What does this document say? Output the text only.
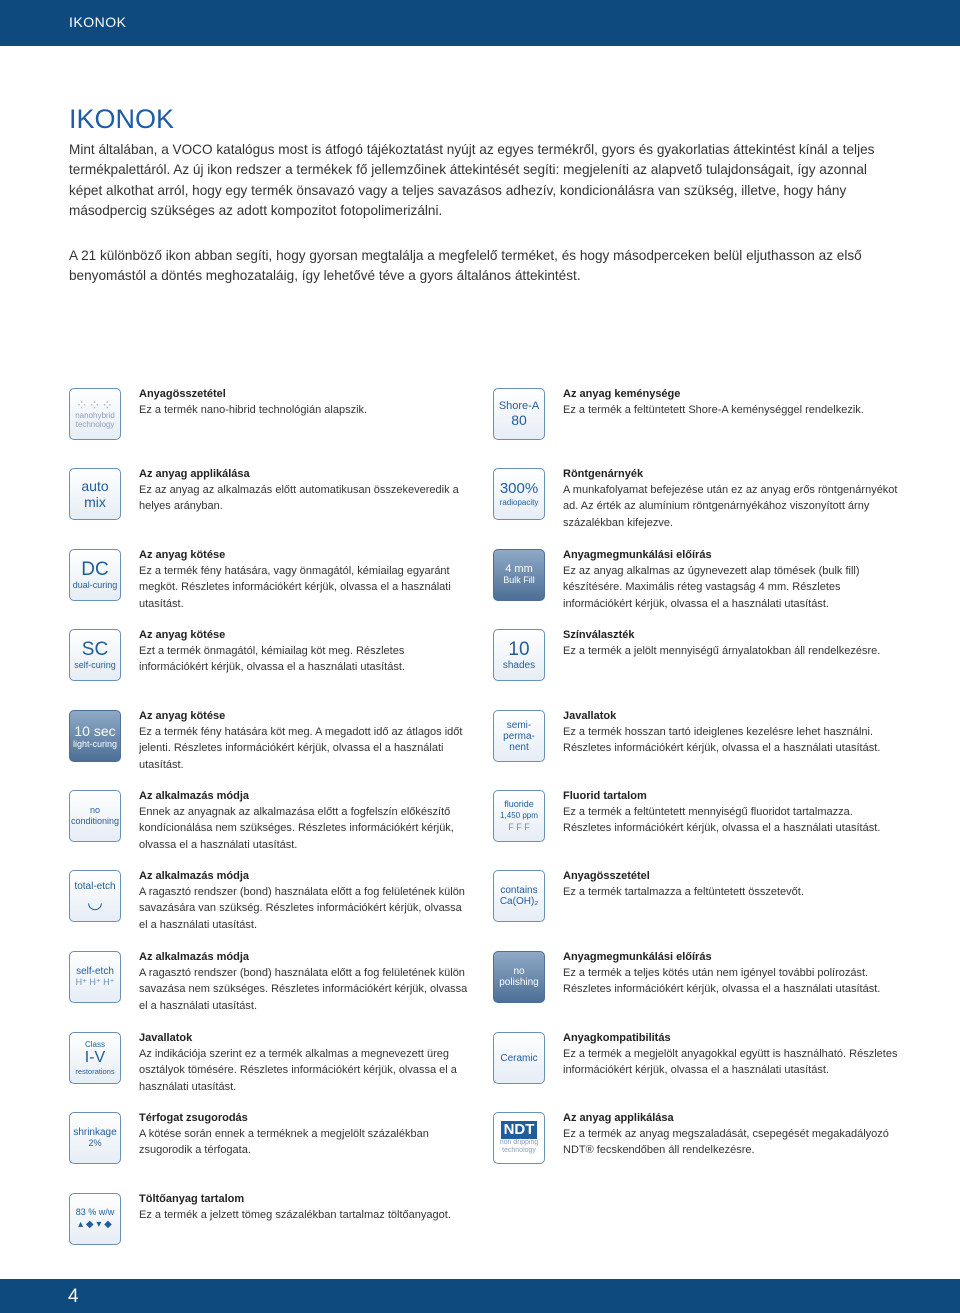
IKONOK
IKONOK

Mint általában, a VOCO katalógus most is átfogó tájékoztatást nyújt az egyes termékről, gyors és gyakorlatias áttekintést kínál a teljes termékpalettáról. Az új ikon redszer a termékek fő jellemzőinek áttekintését segíti: megjeleníti az alapvető tulajdonságait, így azonnal képet alkothat arról, hogy egy termék önsavazó vagy a teljes savazásos adhezív, kondicionálásra van szükség, illetve, hogy hány másodpercig szükséges az adott kompozitot fotopolimerizálni.

A 21 különböző ikon abban segíti, hogy gyorsan megtalálja a megfelelő terméket, és hogy másodperceken belül eljuthasson az első benyomástól a döntés meghozataláig, így lehetővé téve a gyors általános áttekintést.

⁘⁘⁘
nanohybrid
technology
Anyagösszetétel
Ez a termék nano-hibrid technológián alapszik.
auto
mix
Az anyag applikálása
Ez az anyag az alkalmazás előtt automatikusan összekeveredik a helyes arányban.
DC
dual-curing
Az anyag kötése
Ez a termék fény hatására, vagy önmagától, kémiailag egyaránt megköt. Részletes információkért kérjük, olvassa el a használati utasítást.
SC
self-curing
Az anyag kötése
Ezt a termék önmagától, kémiailag köt meg. Részletes információkért kérjük, olvassa el a használati utasítást.
10 sec
light-curing
Az anyag kötése
Ez a termék fény hatására köt meg. A megadott idő az átlagos időt jelenti. Részletes információkért kérjük, olvassa el a használati utasítást.
no
conditioning
Az alkalmazás módja
Ennek az anyagnak az alkalmazása előtt a fogfelszín előkészítő kondícionálása nem szükséges. Részletes információkért kérjük, olvassa el a használati utasítást.
total-etch
◡
Az alkalmazás módja
A ragasztó rendszer (bond) használata előtt a fog felületének külön savazására van szükség. Részletes információkért kérjük, olvassa el a használati utasítást.
self-etch
H⁺ H⁺ H⁺
Az alkalmazás módja
A ragasztó rendszer (bond) használata előtt a fog felületének külön savazása nem szükséges. Részletes információkért kérjük, olvassa el a használati utasítást.
Class
I-V
restorations
Javallatok
Az indikációja szerint ez a termék alkalmas a megnevezett üreg osztályok tömésére. Részletes információkért kérjük, olvassa el a használati utasítást.
shrinkage
2%
Térfogat zsugorodás
A kötése során ennek a terméknek a megjelölt százalékban zsugorodik a térfogata.
83 % w/w
▴ ◆ ▾ ◆
Töltőanyag tartalom
Ez a termék a jelzett tömeg százalékban tartalmaz töltőanyagot.
Shore-A
80
Az anyag keménysége
Ez a termék a feltüntetett Shore-A keménységgel rendelkezik.
300%
radiopacity
Röntgenárnyék
A munkafolyamat befejezése után ez az anyag erős röntgenárnyékot ad. Az érték az alumínium röntgenárnyékához viszonyított árny százalékban kifejezve.
4 mm
Bulk Fill
Anyagmegmunkálási előírás
Ez az anyag alkalmas az úgynevezett alap tömések (bulk fill) készítésére. Maximális réteg vastagság 4 mm. Részletes információkért kérjük, olvassa el a használati utasítást.
10
shades
Színválaszték
Ez a termék a jelölt mennyiségű árnyalatokban áll rendelkezésre.
semi-
perma-
nent
Javallatok
Ez a termék hosszan tartó ideiglenes kezelésre lehet használni. Részletes információkért kérjük, olvassa el a használati utasítást.
fluoride
1,450 ppm
F F F
Fluorid tartalom
Ez a termék a feltüntetett mennyiségű fluoridot tartalmazza. Részletes információkért kérjük, olvassa el a használati utasítást.
contains
Ca(OH)₂
Anyagösszetétel
Ez a termék tartalmazza a feltüntetett összetevőt.
no
polishing
Anyagmegmunkálási előírás
Ez a termék a teljes kötés után nem igényel további polírozást. Részletes információkért kérjük, olvassa el a használati utasítást.
Ceramic
Anyagkompatibilitás
Ez a termék a megjelölt anyagokkal együtt is használható. Részletes információkért kérjük, olvassa el a használati utasítást.
NDT
non dripping technology
Az anyag applikálása
Ez a termék az anyag megszaladását, csepegését megakadályozó NDT® fecskendőben áll rendelkezésre.
4
